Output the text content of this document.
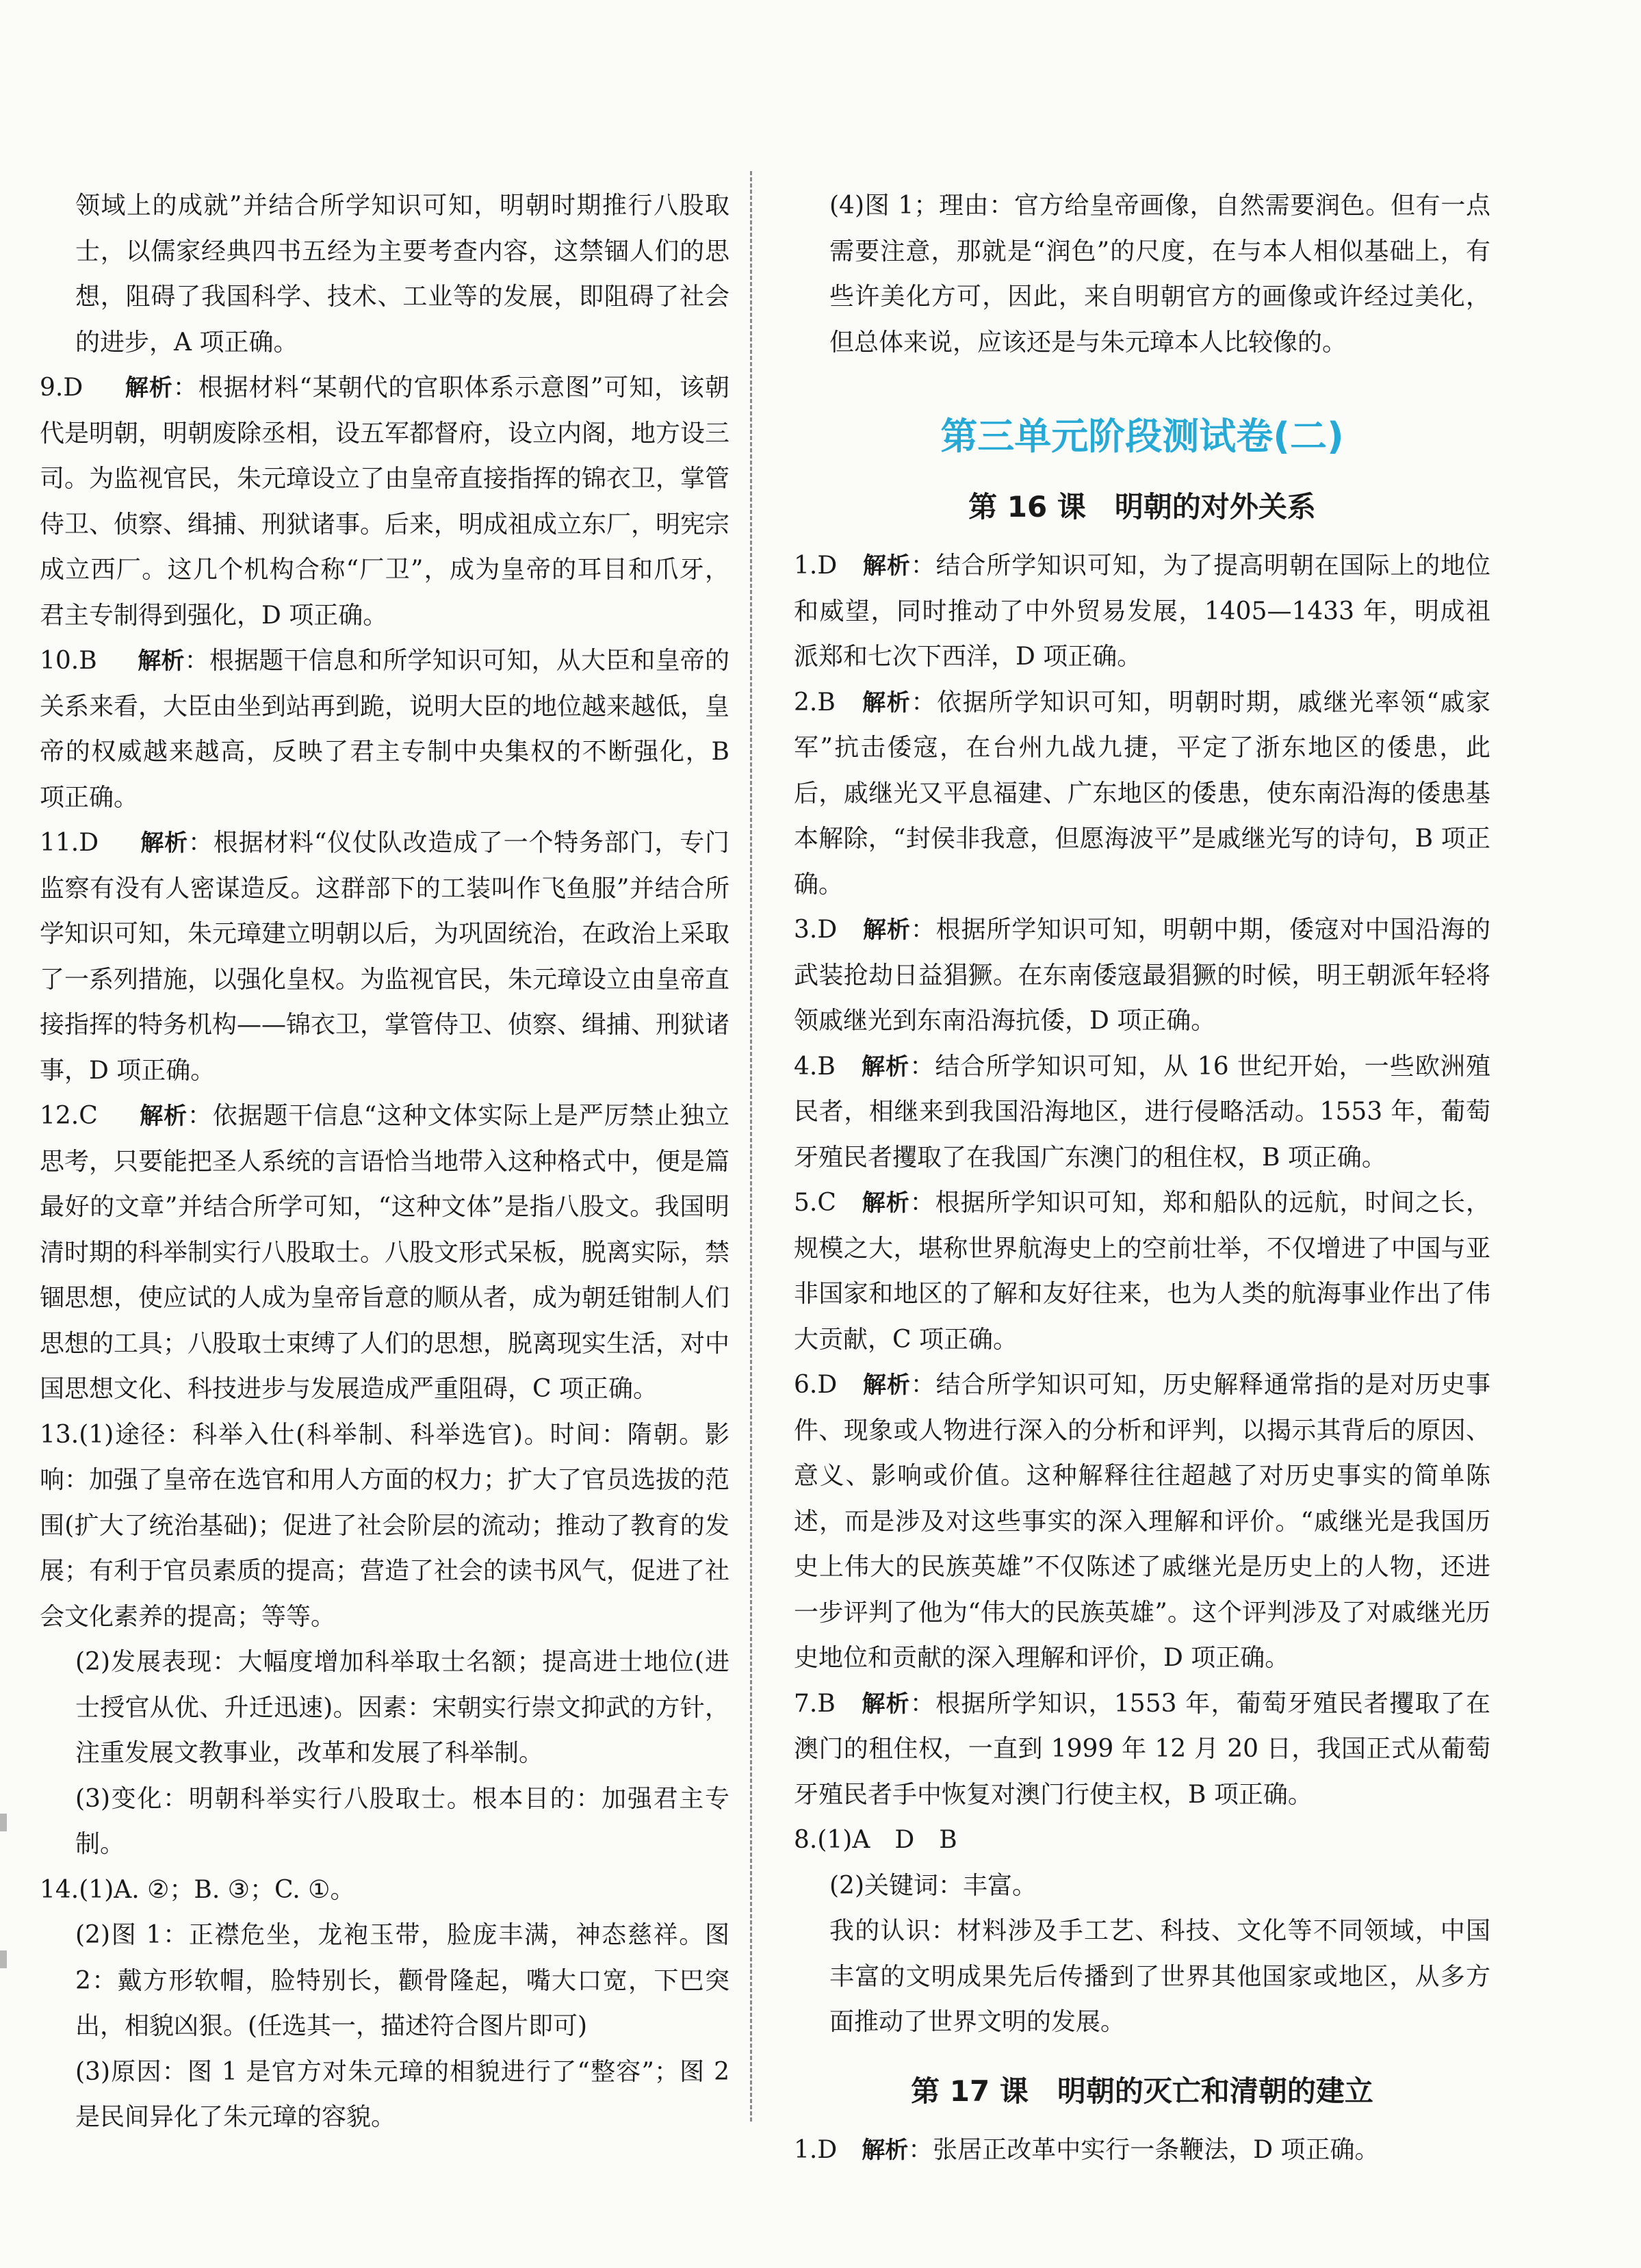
领域上的成就”并结合所学知识可知，明朝时期推行八股取士，以儒家经典四书五经为主要考查内容，这禁锢人们的思想，阻碍了我国科学、技术、工业等的发展，即阻碍了社会的进步，A 项正确。

9.D 　 解析：根据材料“某朝代的官职体系示意图”可知，该朝代是明朝，明朝废除丞相，设五军都督府，设立内阁，地方设三司。为监视官民，朱元璋设立了由皇帝直接指挥的锦衣卫，掌管侍卫、侦察、缉捕、刑狱诸事。后来，明成祖成立东厂，明宪宗成立西厂。这几个机构合称“厂卫”，成为皇帝的耳目和爪牙，君主专制得到强化，D 项正确。

10.B 　 解析：根据题干信息和所学知识可知，从大臣和皇帝的关系来看，大臣由坐到站再到跪，说明大臣的地位越来越低，皇帝的权威越来越高，反映了君主专制中央集权的不断强化，B 项正确。

11.D 　 解析：根据材料“仪仗队改造成了一个特务部门，专门监察有没有人密谋造反。这群部下的工装叫作飞鱼服”并结合所学知识可知，朱元璋建立明朝以后，为巩固统治，在政治上采取了一系列措施，以强化皇权。为监视官民，朱元璋设立由皇帝直接指挥的特务机构——锦衣卫，掌管侍卫、侦察、缉捕、刑狱诸事，D 项正确。

12.C 　 解析：依据题干信息“这种文体实际上是严厉禁止独立思考，只要能把圣人系统的言语恰当地带入这种格式中，便是篇最好的文章”并结合所学可知，“这种文体”是指八股文。我国明清时期的科举制实行八股取士。八股文形式呆板，脱离实际，禁锢思想，使应试的人成为皇帝旨意的顺从者，成为朝廷钳制人们思想的工具；八股取士束缚了人们的思想，脱离现实生活，对中国思想文化、科技进步与发展造成严重阻碍，C 项正确。

13.(1)途径：科举入仕(科举制、科举选官)。时间：隋朝。影响：加强了皇帝在选官和用人方面的权力；扩大了官员选拔的范围(扩大了统治基础)；促进了社会阶层的流动；推动了教育的发展；有利于官员素质的提高；营造了社会的读书风气，促进了社会文化素养的提高；等等。

(2)发展表现：大幅度增加科举取士名额；提高进士地位(进士授官从优、升迁迅速)。因素：宋朝实行崇文抑武的方针，注重发展文教事业，改革和发展了科举制。

(3)变化：明朝科举实行八股取士。根本目的：加强君主专制。

14.(1)A. ②；B. ③；C. ①。

(2)图 1：正襟危坐，龙袍玉带，脸庞丰满，神态慈祥。图 2：戴方形软帽，脸特别长，颧骨隆起，嘴大口宽，下巴突出，相貌凶狠。(任选其一，描述符合图片即可)

(3)原因：图 1 是官方对朱元璋的相貌进行了“整容”；图 2 是民间异化了朱元璋的容貌。

(4)图 1；理由：官方给皇帝画像，自然需要润色。但有一点需要注意，那就是“润色”的尺度，在与本人相似基础上，有些许美化方可，因此，来自明朝官方的画像或许经过美化，但总体来说，应该还是与朱元璋本人比较像的。

第三单元阶段测试卷(二)
第 16 课　明朝的对外关系

1.D　 解析：结合所学知识可知，为了提高明朝在国际上的地位和威望，同时推动了中外贸易发展，1405—1433 年，明成祖派郑和七次下西洋，D 项正确。

2.B　 解析：依据所学知识可知，明朝时期，戚继光率领“戚家军”抗击倭寇，在台州九战九捷，平定了浙东地区的倭患，此后，戚继光又平息福建、广东地区的倭患，使东南沿海的倭患基本解除，“封侯非我意，但愿海波平”是戚继光写的诗句，B 项正确。

3.D　 解析：根据所学知识可知，明朝中期，倭寇对中国沿海的武装抢劫日益猖獗。在东南倭寇最猖獗的时候，明王朝派年轻将领戚继光到东南沿海抗倭，D 项正确。

4.B　 解析：结合所学知识可知，从 16 世纪开始，一些欧洲殖民者，相继来到我国沿海地区，进行侵略活动。1553 年，葡萄牙殖民者攫取了在我国广东澳门的租住权，B 项正确。

5.C　 解析：根据所学知识可知，郑和船队的远航，时间之长，规模之大，堪称世界航海史上的空前壮举，不仅增进了中国与亚非国家和地区的了解和友好往来，也为人类的航海事业作出了伟大贡献，C 项正确。

6.D　 解析：结合所学知识可知，历史解释通常指的是对历史事件、现象或人物进行深入的分析和评判，以揭示其背后的原因、意义、影响或价值。这种解释往往超越了对历史事实的简单陈述，而是涉及对这些事实的深入理解和评价。“戚继光是我国历史上伟大的民族英雄”不仅陈述了戚继光是历史上的人物，还进一步评判了他为“伟大的民族英雄”。这个评判涉及了对戚继光历史地位和贡献的深入理解和评价，D 项正确。

7.B　 解析：根据所学知识，1553 年，葡萄牙殖民者攫取了在澳门的租住权，一直到 1999 年 12 月 20 日，我国正式从葡萄牙殖民者手中恢复对澳门行使主权，B 项正确。

8.(1)A　D　B

(2)关键词：丰富。

我的认识：材料涉及手工艺、科技、文化等不同领域，中国丰富的文明成果先后传播到了世界其他国家或地区，从多方面推动了世界文明的发展。

第 17 课　明朝的灭亡和清朝的建立

1.D　 解析：张居正改革中实行一条鞭法，D 项正确。
